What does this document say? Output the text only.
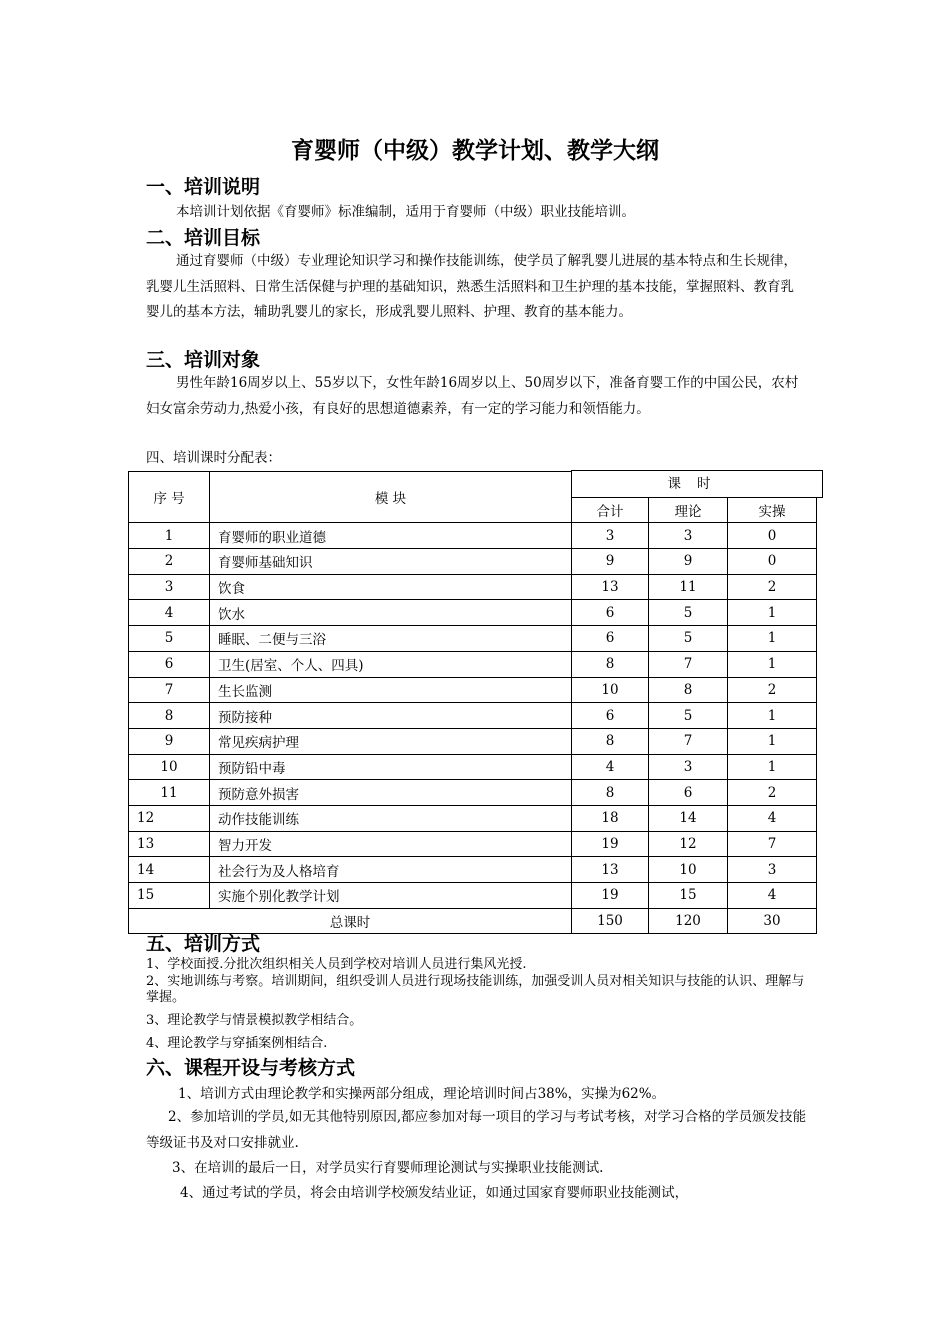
育婴师（中级）教学计划、教学大纲
一、培训说明

本培训计划依据《育婴师》标准编制，适用于育婴师（中级）职业技能培训。

二、培训目标

通过育婴师（中级）专业理论知识学习和操作技能训练，使学员了解乳婴儿进展的基本特点和生长规律，乳婴儿生活照料、日常生活保健与护理的基础知识，熟悉生活照料和卫生护理的基本技能，掌握照料、教育乳婴儿的基本方法，辅助乳婴儿的家长，形成乳婴儿照料、护理、教育的基本能力。

三、培训对象

男性年龄16周岁以上、55岁以下，女性年龄16周岁以上、50周岁以下，准备育婴工作的中国公民，农村妇女富余劳动力,热爱小孩，有良好的思想道德素养，有一定的学习能力和领悟能力。

四、培训课时分配表：

序 号	模 块			
		合计	理论	实操
1	育婴师的职业道德	3	3	0
2	育婴师基础知识	9	9	0
3	饮食	13	11	2
4	饮水	6	5	1
5	睡眠、二便与三浴	6	5	1
6	卫生(居室、个人、四具)	8	7	1
7	生长监测	10	8	2
8	预防接种	6	5	1
9	常见疾病护理	8	7	1
10	预防铅中毒	4	3	1
11	预防意外损害	8	6	2
12	动作技能训练	18	14	4
13	智力开发	19	12	7
14	社会行为及人格培育	13	10	3
15	实施个别化教学计划	19	15	4
总课时		150	120	30
课时
五、培训方式

1、学校面授.分批次组织相关人员到学校对培训人员进行集风光授.

2、实地训练与考察。培训期间，组织受训人员进行现场技能训练，加强受训人员对相关知识与技能的认识、理解与掌握。

3、理论教学与情景模拟教学相结合。

4、理论教学与穿插案例相结合.

六、课程开设与考核方式

1、培训方式由理论教学和实操两部分组成，理论培训时间占38%，实操为62%。

2、参加培训的学员,如无其他特别原因,都应参加对每一项目的学习与考试考核，对学习合格的学员颁发技能等级证书及对口安排就业.

3、在培训的最后一日，对学员实行育婴师理论测试与实操职业技能测试.

4、通过考试的学员，将会由培训学校颁发结业证，如通过国家育婴师职业技能测试，
